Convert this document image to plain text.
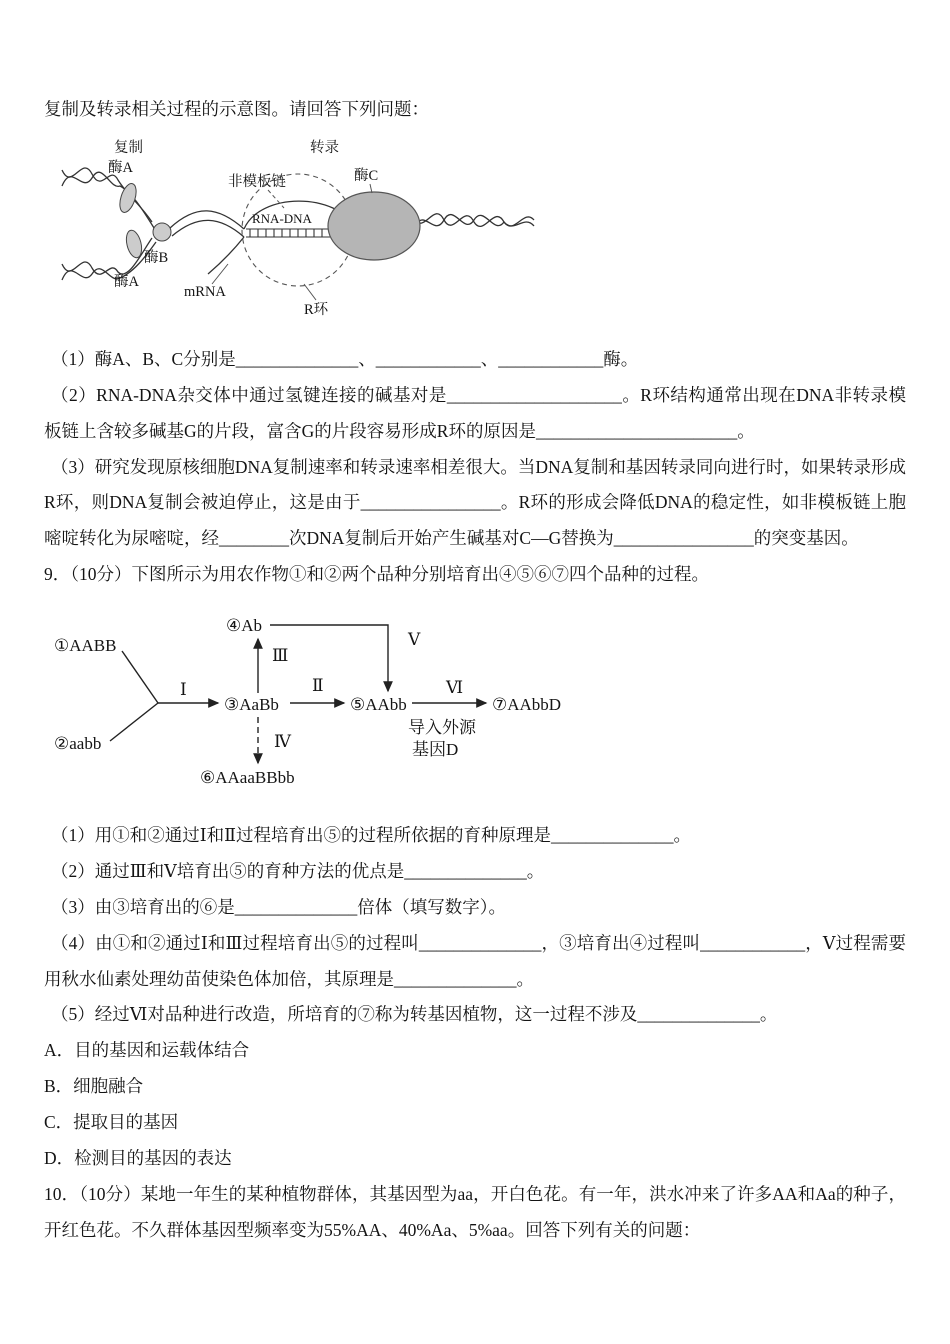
复制及转录相关过程的示意图。请回答下列问题：

复制
酶A
转录
非模板链	酶C
RNA-DNA
酶B
酶A
mRNA
R环

（1）酶A、B、C分别是______________、____________、____________酶。

（2）RNA-DNA杂交体中通过氢键连接的碱基对是____________________。R环结构通常出现在DNA非转录模板链上含较多碱基G的片段，富含G的片段容易形成R环的原因是_______________________。

（3）研究发现原核细胞DNA复制速率和转录速率相差很大。当DNA复制和基因转录同向进行时，如果转录形成R环，则DNA复制会被迫停止，这是由于________________。R环的形成会降低DNA的稳定性，如非模板链上胞嘧啶转化为尿嘧啶，经________次DNA复制后开始产生碱基对C—G替换为________________的突变基因。

9．（10分）下图所示为用农作物①和②两个品种分别培育出④⑤⑥⑦四个品种的过程。

①AABB
②aabb
③AaBb
④Ab
⑤AAbb
⑥AAaaBBbb
⑦AAbbD
Ⅰ	Ⅱ
Ⅲ
Ⅳ
Ⅴ
Ⅵ
导入外源
基因D

（1）用①和②通过Ⅰ和Ⅱ过程培育出⑤的过程所依据的育种原理是______________。

（2）通过Ⅲ和Ⅴ培育出⑤的育种方法的优点是______________。

（3）由③培育出的⑥是______________倍体（填写数字）。

（4）由①和②通过Ⅰ和Ⅲ过程培育出⑤的过程叫______________，③培育出④过程叫____________，Ⅴ过程需要用秋水仙素处理幼苗使染色体加倍，其原理是______________。

（5）经过Ⅵ对品种进行改造，所培育的⑦称为转基因植物，这一过程不涉及______________。

A．目的基因和运载体结合

B．细胞融合

C．提取目的基因

D．检测目的基因的表达

10．（10分）某地一年生的某种植物群体，其基因型为aa，开白色花。有一年，洪水冲来了许多AA和Aa的种子，开红色花。不久群体基因型频率变为55%AA、40%Aa、5%aa。回答下列有关的问题：
